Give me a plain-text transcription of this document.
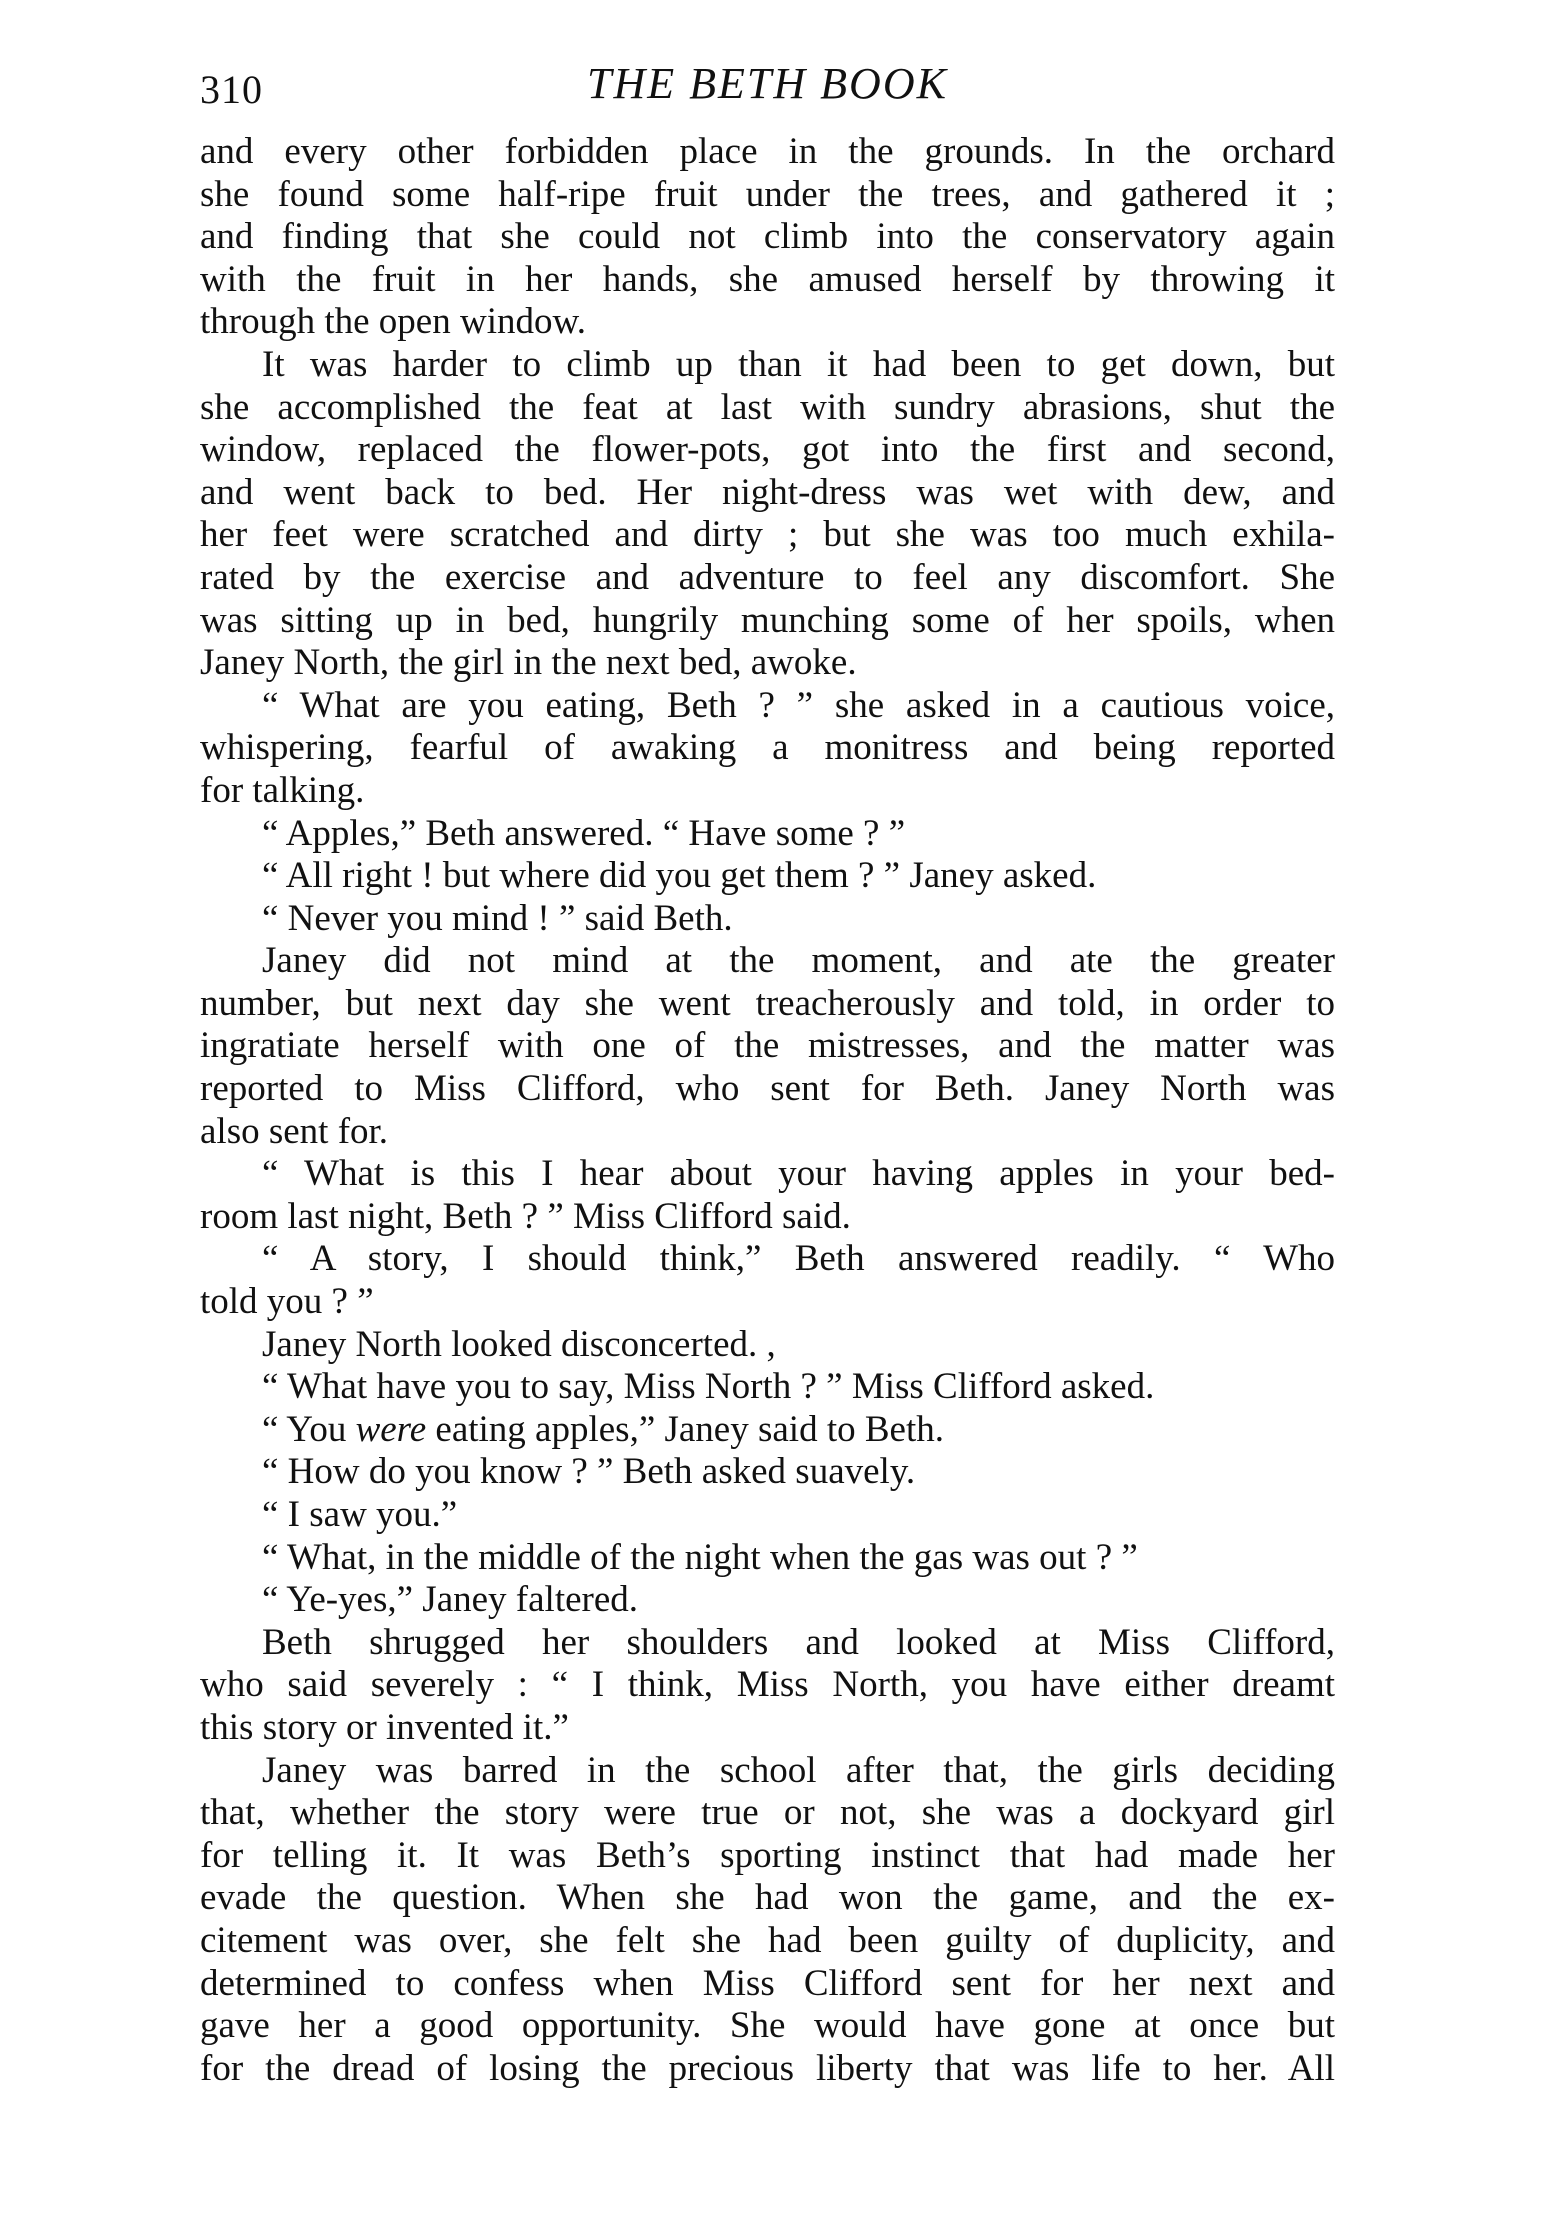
310	THE BETH BOOK
and every other forbidden place in the grounds. In the orchard
she found some half-ripe fruit under the trees, and gathered it ;
and finding that she could not climb into the conservatory again
with the fruit in her hands, she amused herself by throwing it
through the open window.
It was harder to climb up than it had been to get down, but
she accomplished the feat at last with sundry abrasions, shut the
window, replaced the flower-pots, got into the first and second,
and went back to bed. Her night-dress was wet with dew, and
her feet were scratched and dirty ; but she was too much exhila-
rated by the exercise and adventure to feel any discomfort. She
was sitting up in bed, hungrily munching some of her spoils, when
Janey North, the girl in the next bed, awoke.
“ What are you eating, Beth ? ” she asked in a cautious voice,
whispering, fearful of awaking a monitress and being reported
for talking.
“ Apples,” Beth answered. “ Have some ? ”
“ All right ! but where did you get them ? ” Janey asked.
“ Never you mind ! ” said Beth.
Janey did not mind at the moment, and ate the greater
number, but next day she went treacherously and told, in order to
ingratiate herself with one of the mistresses, and the matter was
reported to Miss Clifford, who sent for Beth. Janey North was
also sent for.
“ What is this I hear about your having apples in your bed-
room last night, Beth ? ” Miss Clifford said.
“ A story, I should think,” Beth answered readily. “ Who
told you ? ”
Janey North looked disconcerted. ,
“ What have you to say, Miss North ? ” Miss Clifford asked.
“ You were eating apples,” Janey said to Beth.
“ How do you know ? ” Beth asked suavely.
“ I saw you.”
“ What, in the middle of the night when the gas was out ? ”
“ Ye-yes,” Janey faltered.
Beth shrugged her shoulders and looked at Miss Clifford,
who said severely : “ I think, Miss North, you have either dreamt
this story or invented it.”
Janey was barred in the school after that, the girls deciding
that, whether the story were true or not, she was a dockyard girl
for telling it. It was Beth’s sporting instinct that had made her
evade the question. When she had won the game, and the ex-
citement was over, she felt she had been guilty of duplicity, and
determined to confess when Miss Clifford sent for her next and
gave her a good opportunity. She would have gone at once but
for the dread of losing the precious liberty that was life to her. All
